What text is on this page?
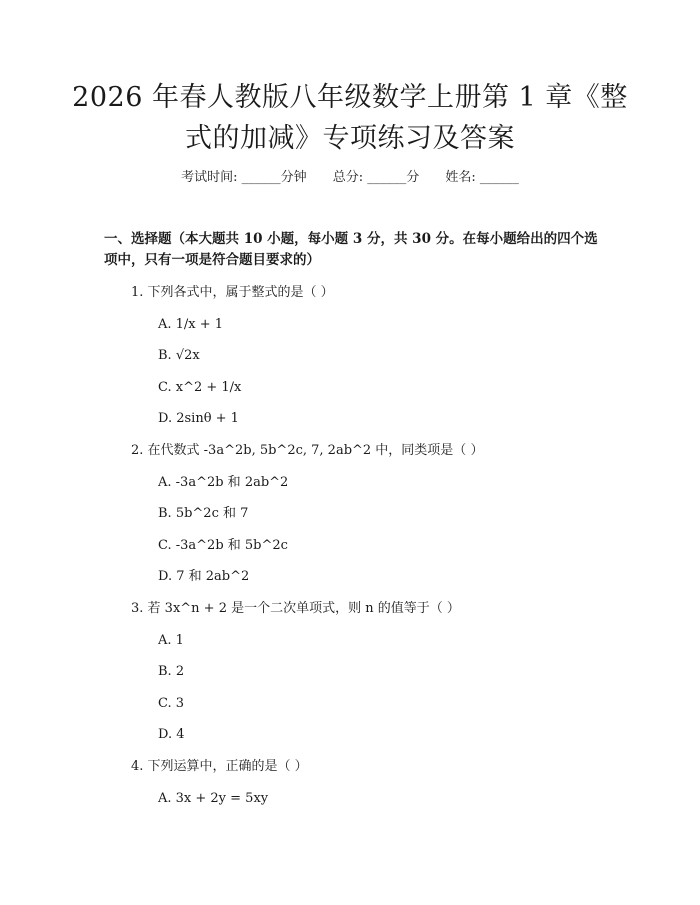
2026 年春人教版八年级数学上册第 1 章《整
式的加减》专项练习及答案
考试时间: ______分钟 总分: ______分 姓名: ______
一、选择题（本大题共 10 小题，每小题 3 分，共 30 分。在每小题给出的四个选
项中，只有一项是符合题目要求的）
1. 下列各式中，属于整式的是（ ）
A. 1/x + 1
B. √2x
C. x^2 + 1/x
D. 2sinθ + 1
2. 在代数式 -3a^2b, 5b^2c, 7, 2ab^2 中，同类项是（ ）
A. -3a^2b 和 2ab^2
B. 5b^2c 和 7
C. -3a^2b 和 5b^2c
D. 7 和 2ab^2
3. 若 3x^n + 2 是一个二次单项式，则 n 的值等于（ ）
A. 1
B. 2
C. 3
D. 4
4. 下列运算中，正确的是（ ）
A. 3x + 2y = 5xy
